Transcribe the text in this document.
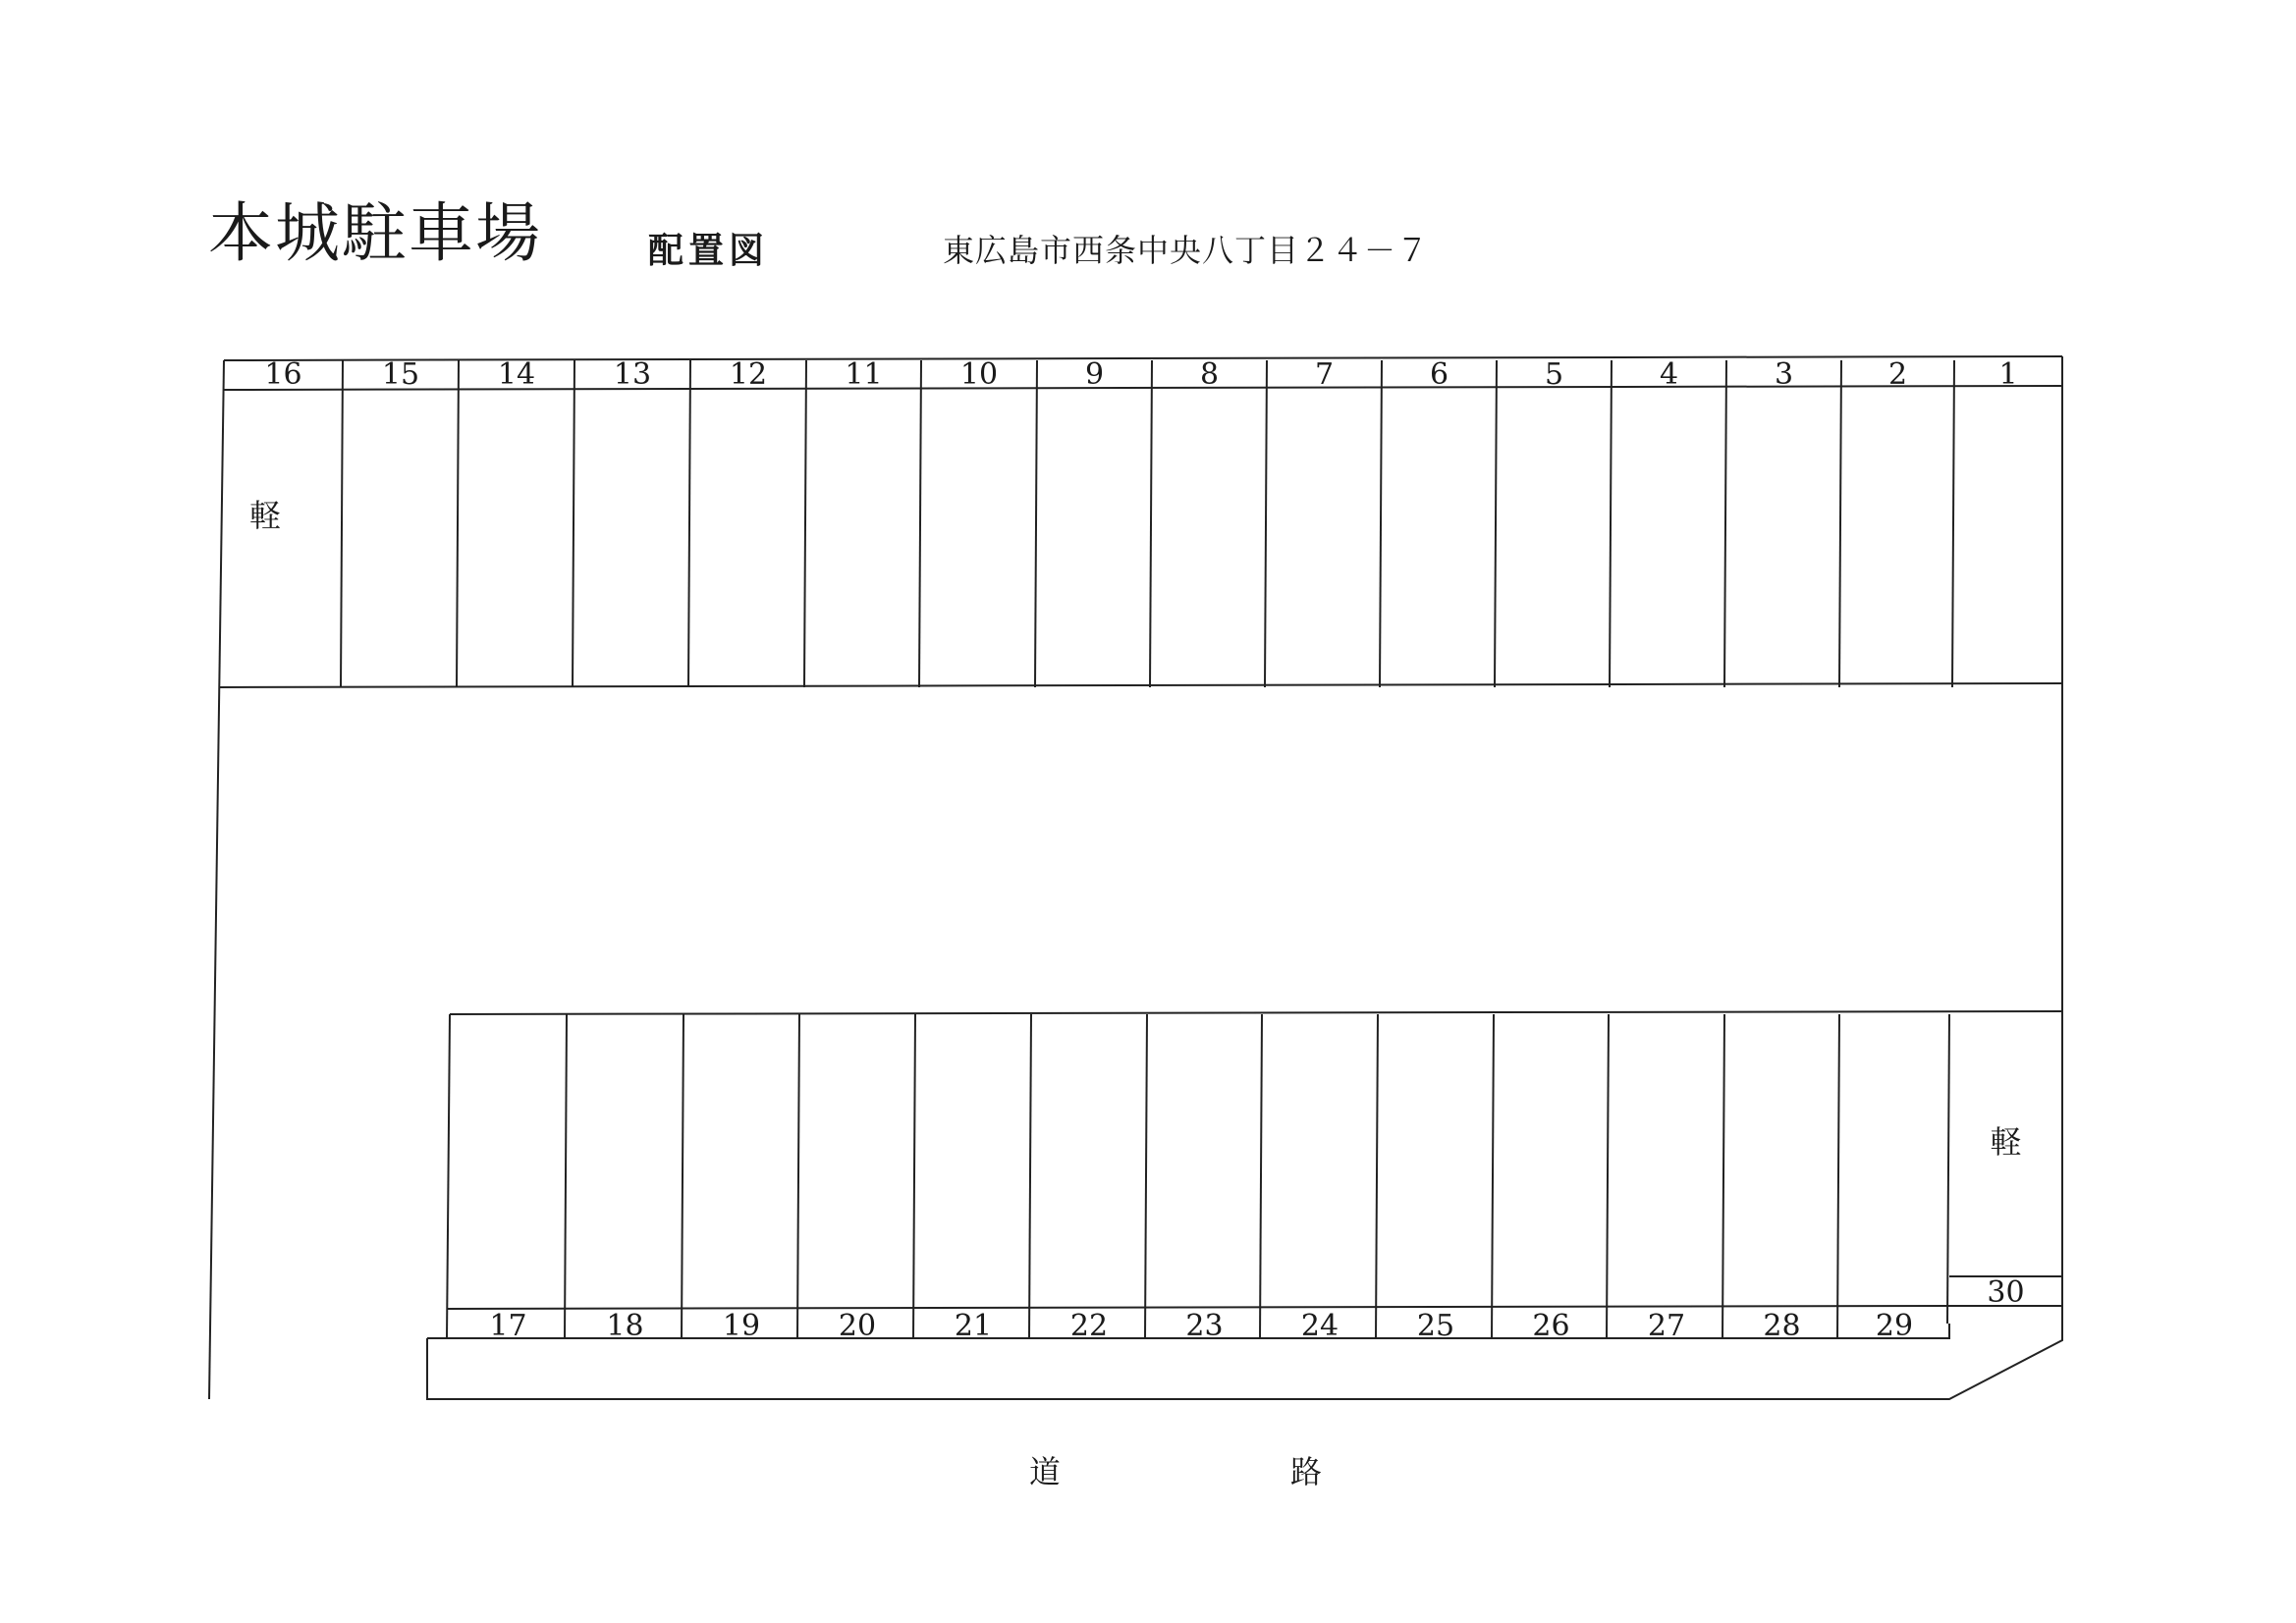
本城駐車場	配置図	東広島市西条中央八丁目２４－７
16
軽
15	14	13	12	11	10	9	8	7	6	5	4	3	2	1
17	18	19	20	21	22	23	24	25	26	27	28	29
30
軽
道	路
